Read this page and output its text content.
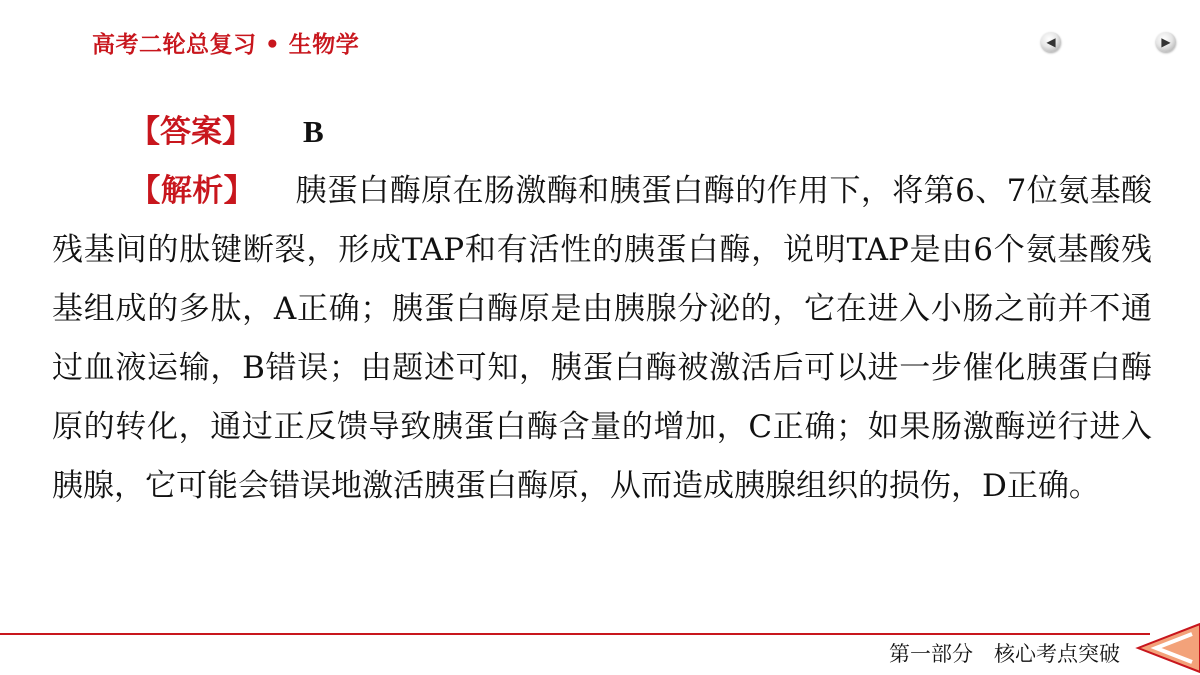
高考二轮总复习 • 生物学	◀	▶

【答案】 B

【解析】 胰蛋白酶原在肠激酶和胰蛋白酶的作用下，将第6、7位氨基酸残基间的肽键断裂，形成TAP和有活性的胰蛋白酶，说明TAP是由6个氨基酸残基组成的多肽，A正确；胰蛋白酶原是由胰腺分泌的，它在进入小肠之前并不通过血液运输，B错误；由题述可知，胰蛋白酶被激活后可以进一步催化胰蛋白酶原的转化，通过正反馈导致胰蛋白酶含量的增加，C正确；如果肠激酶逆行进入胰腺，它可能会错误地激活胰蛋白酶原，从而造成胰腺组织的损伤，D正确。

第一部分　核心考点突破
